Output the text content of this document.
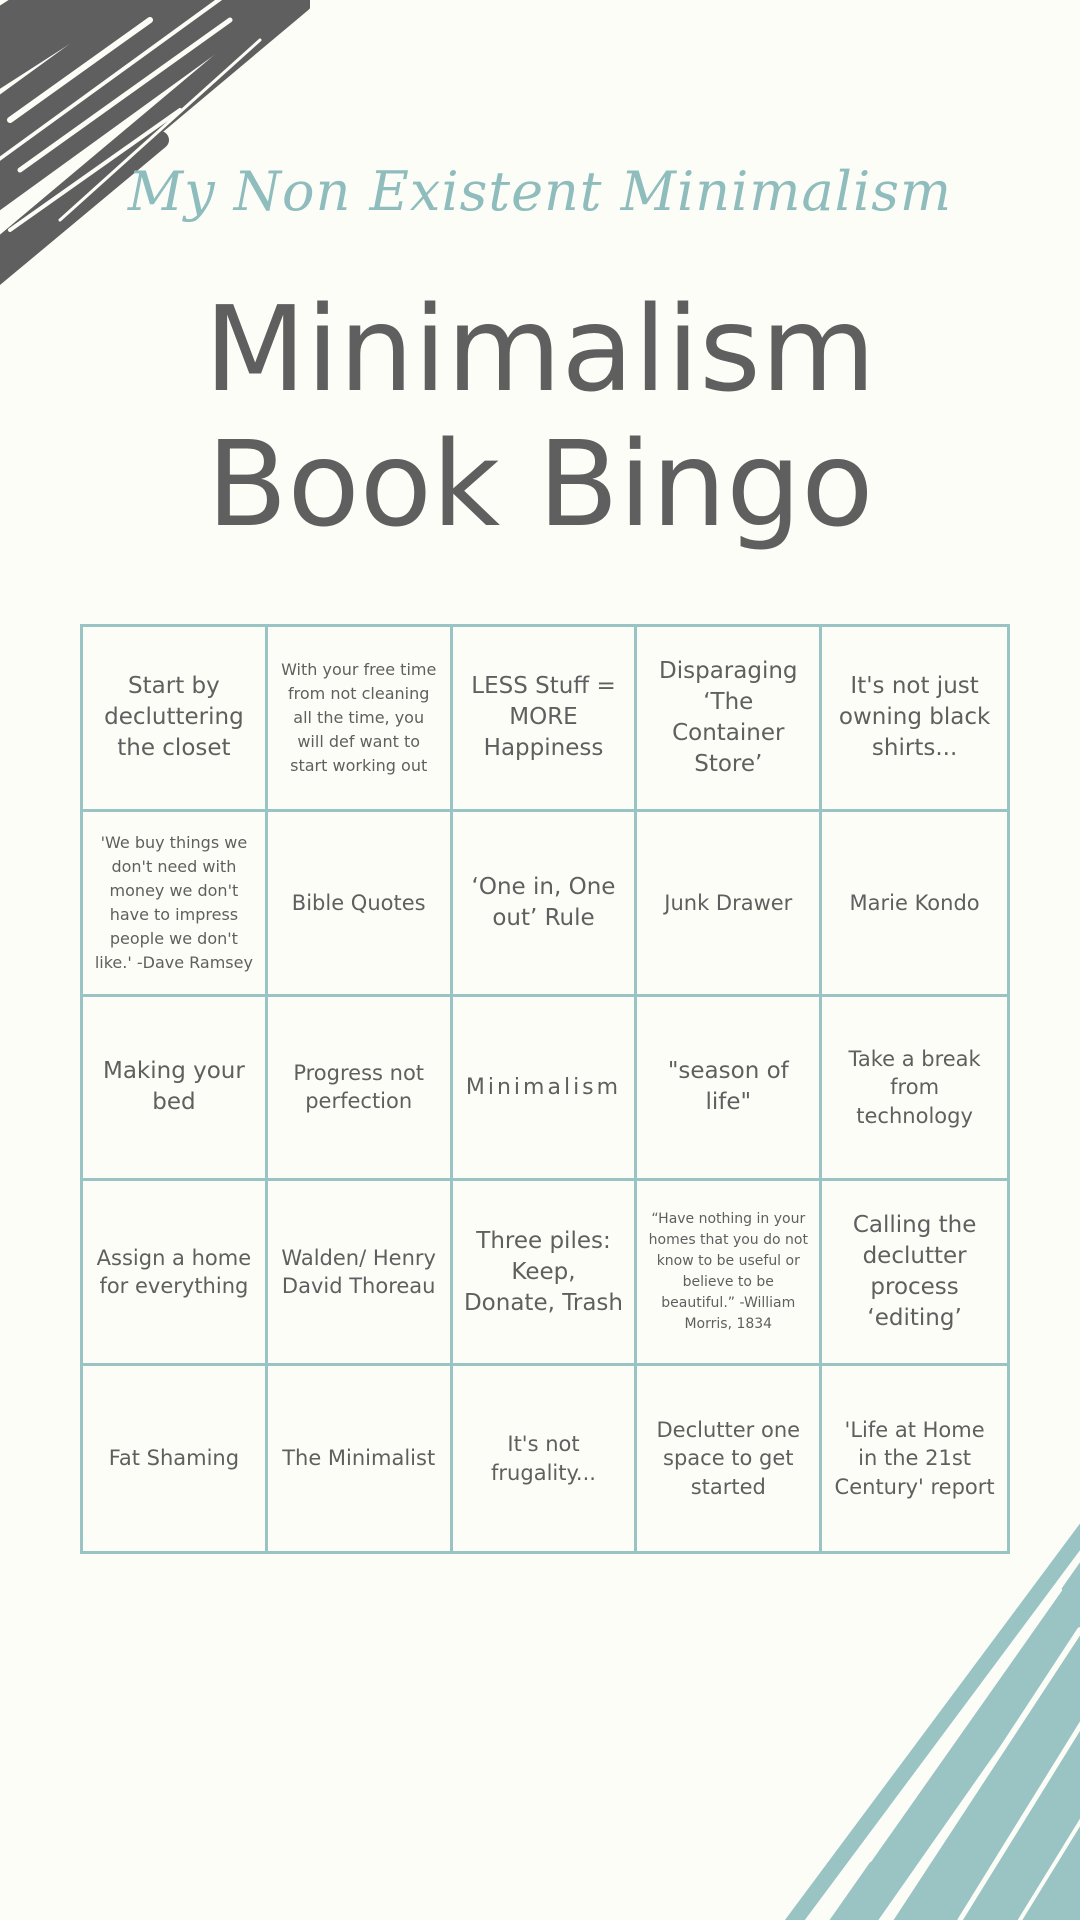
My Non Existent Minimalism
Minimalism
Book Bingo
Start by decluttering the closet
With your free time from not cleaning all the time, you will def want to start working out
LESS Stuff = MORE Happiness
Disparaging ‘The Container Store’
It's not just owning black shirts...
'We buy things we don't need with money we don't have to impress people we don't like.' -Dave Ramsey
Bible Quotes
‘One in, One out’ Rule
Junk Drawer	Marie Kondo
Making your bed
Progress not perfection
Minimalism
"season of life"
Take a break from technology
Assign a home for everything
Walden/ Henry David Thoreau
Three piles: Keep, Donate, Trash
“Have nothing in your homes that you do not know to be useful or believe to be beautiful.” -William Morris, 1834
Calling the declutter process ‘editing’
Fat Shaming	The Minimalist
It's not frugality...
Declutter one space to get started
'Life at Home in the 21st Century' report
